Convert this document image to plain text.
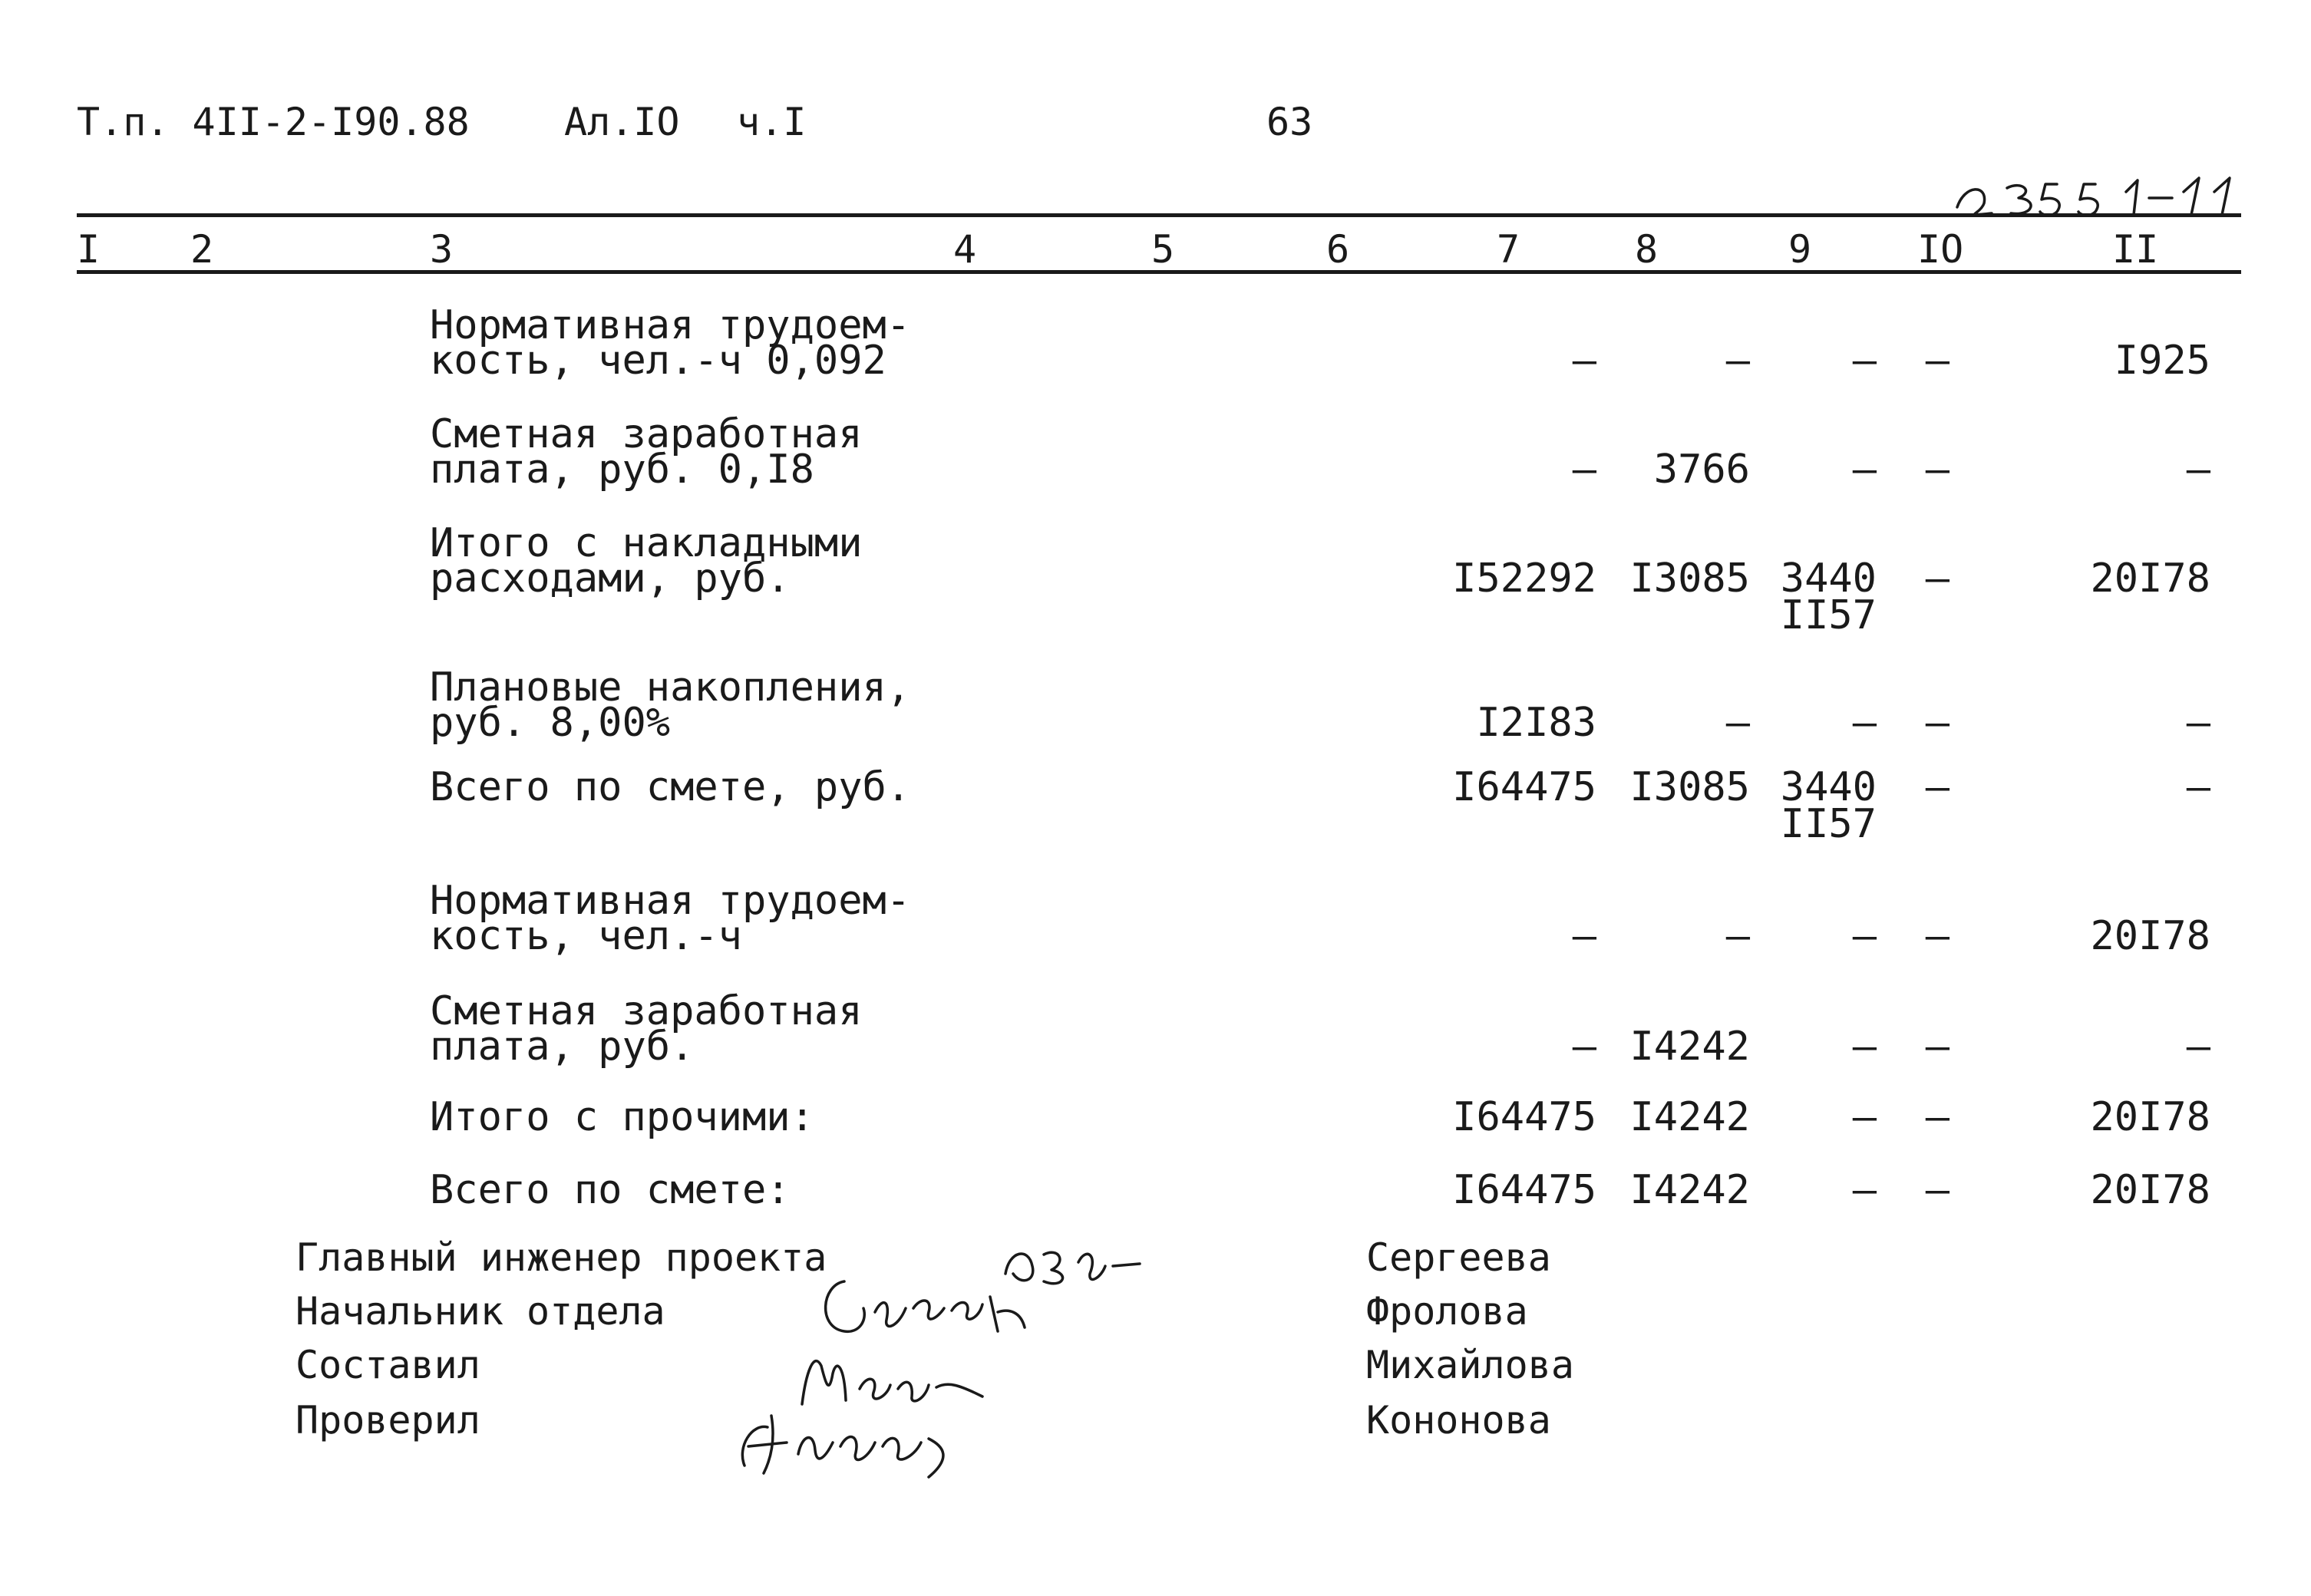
Т.п. 4II-2-I90.88 Ал.IO ч.I	63
I 2	3	4	5	6	7	8	9	IO	II
Нормативная трудоем-
кость, чел.-ч 0,092	–	–	–	–	I925
Сметная заработная
плата, руб. 0,I8	–	3766	–	–	–
Итого с накладными
расходами, руб.	I52292 I3085 3440	–	20I78
II57
Плановые накопления,
руб. 8,00%	I2I83	–	–	–	–
Всего по смете, руб.	I64475 I3085 3440	–	–
II57
Нормативная трудоем-
кость, чел.-ч	–	–	–	–	20I78
Сметная заработная
плата, руб.	– I4242	–	–	–
Итого с прочими:	I64475 I4242	–	–	20I78
Всего по смете:	I64475 I4242	–	–	20I78
Главный инженер проекта	Сергеева
Начальник отдела	Фролова
Составил	Михайлова
Проверил	Кононова
